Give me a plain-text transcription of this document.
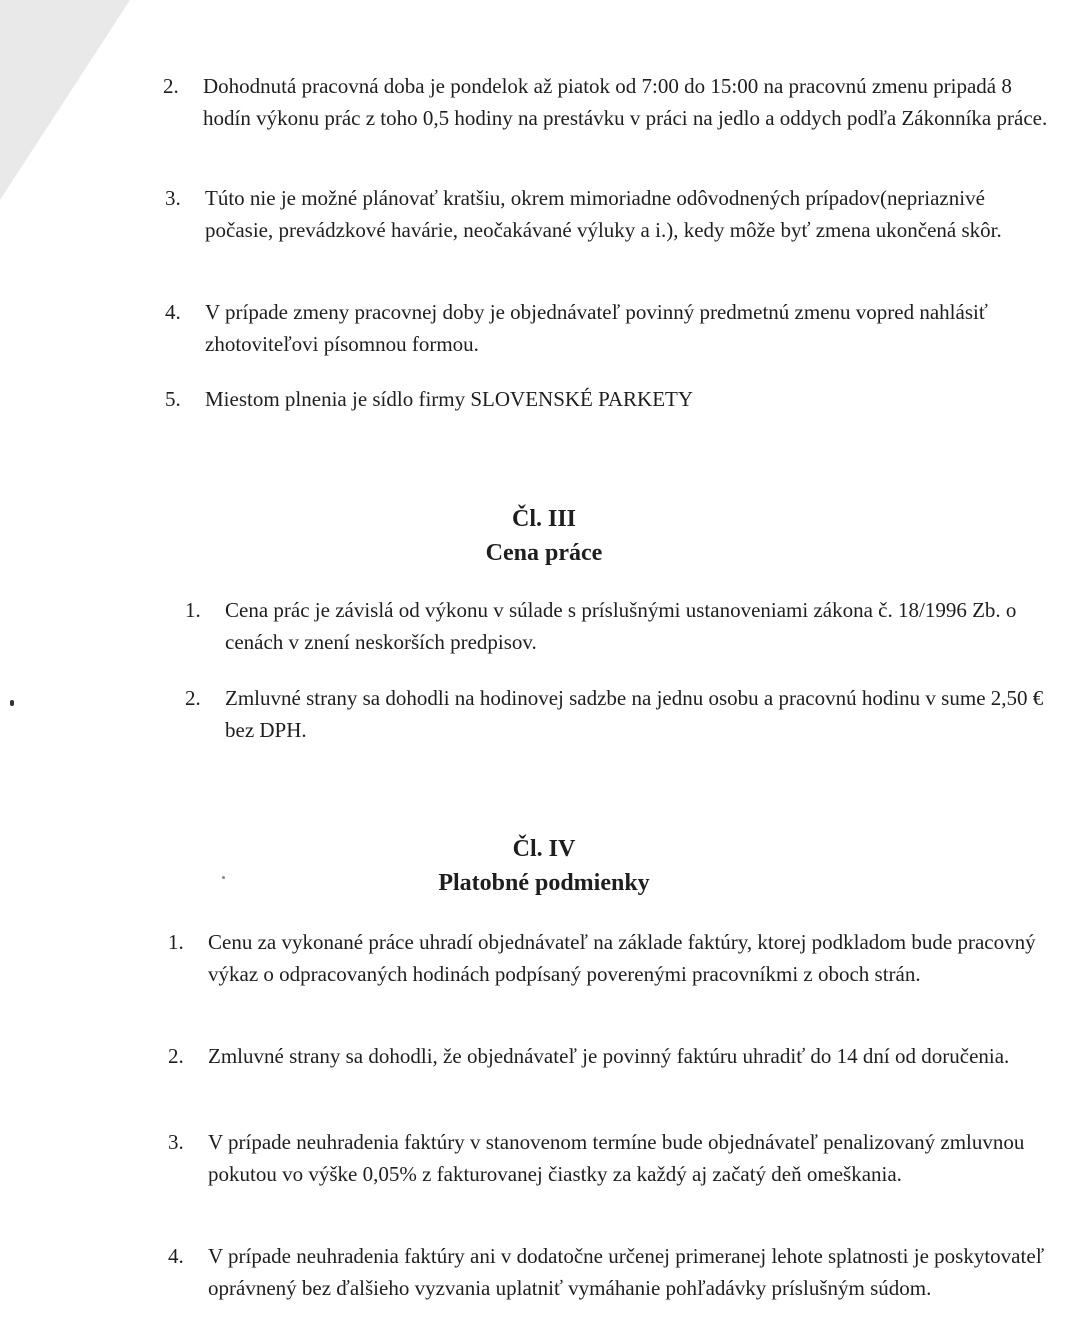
2.	Dohodnutá pracovná doba je pondelok až piatok od 7:00 do 15:00 na pracovnú zmenu pripadá 8 hodín výkonu prác z toho 0,5 hodiny na prestávku v práci na jedlo a oddych podľa Zákonníka práce.
3.	Túto nie je možné plánovať kratšiu, okrem mimoriadne odôvodnených prípadov(nepriaznivé počasie, prevádzkové havárie, neočakávané výluky a i.), kedy môže byť zmena ukončená skôr.
4.	V prípade zmeny pracovnej doby je objednávateľ povinný predmetnú zmenu vopred nahlásiť zhotoviteľovi písomnou formou.
5.	Miestom plnenia je sídlo firmy SLOVENSKÉ PARKETY
Čl. III
Cena práce
1.	Cena prác je závislá od výkonu v súlade s príslušnými ustanoveniami zákona č. 18/1996 Zb. o cenách v znení neskorších predpisov.
2.	Zmluvné strany sa dohodli na hodinovej sadzbe na jednu osobu a pracovnú hodinu v sume 2,50 € bez DPH.
Čl. IV
Platobné podmienky
1.	Cenu za vykonané práce uhradí objednávateľ na základe faktúry, ktorej podkladom bude pracovný výkaz o odpracovaných hodinách podpísaný poverenými pracovníkmi z oboch strán.
2.	Zmluvné strany sa dohodli, že objednávateľ je povinný faktúru uhradiť do 14 dní od doručenia.
3.	V prípade neuhradenia faktúry v stanovenom termíne bude objednávateľ penalizovaný zmluvnou pokutou vo výške 0,05% z fakturovanej čiastky za každý aj začatý deň omeškania.
4.	V prípade neuhradenia faktúry ani v dodatočne určenej primeranej lehote splatnosti je poskytovateľ oprávnený bez ďalšieho vyzvania uplatniť vymáhanie pohľadávky príslušným súdom.
